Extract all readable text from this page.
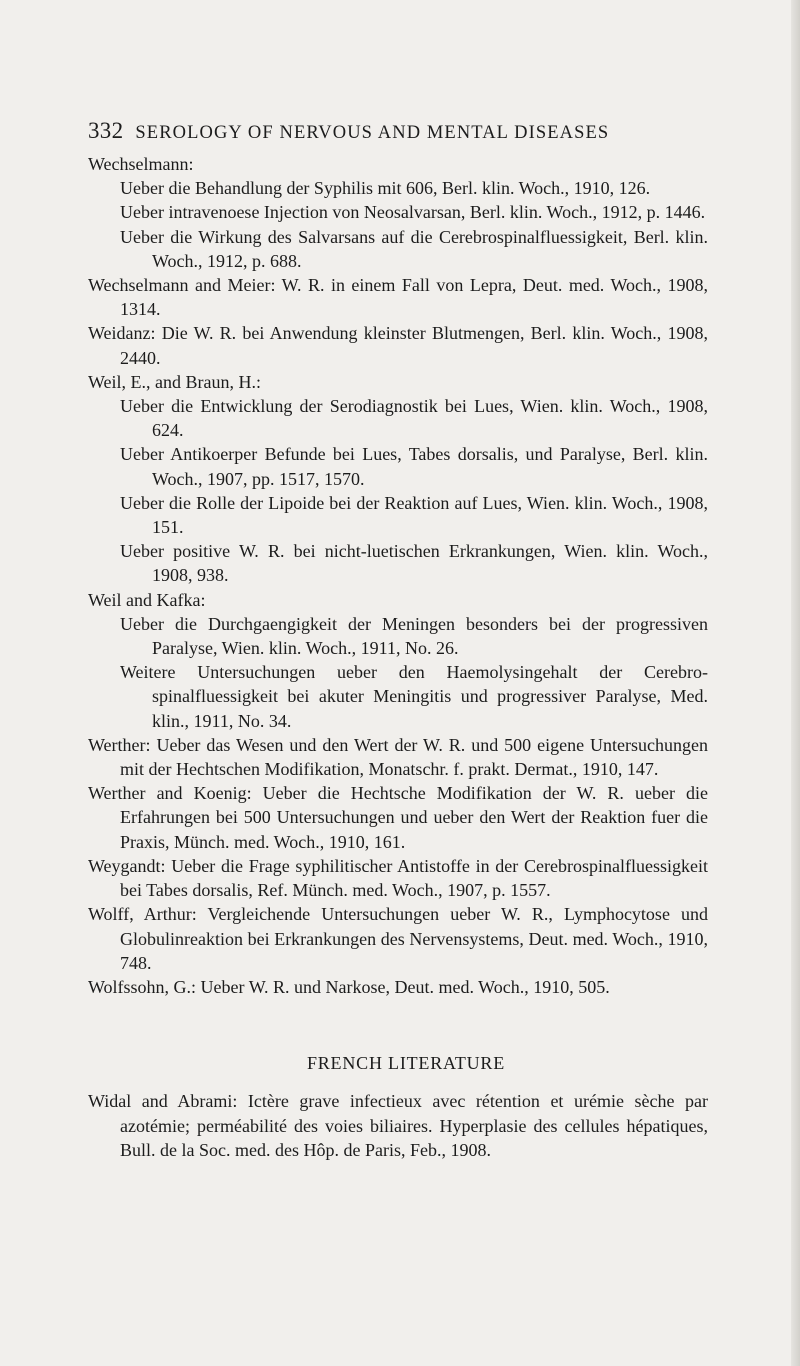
332 SEROLOGY OF NERVOUS AND MENTAL DISEASES

Wechselmann:

Ueber die Behandlung der Syphilis mit 606, Berl. klin. Woch., 1910, 126.

Ueber intravenoese Injection von Neosalvarsan, Berl. klin. Woch., 1912, p. 1446.

Ueber die Wirkung des Salvarsans auf die Cerebrospinalfluessigkeit, Berl. klin. Woch., 1912, p. 688.

Wechselmann and Meier: W. R. in einem Fall von Lepra, Deut. med. Woch., 1908, 1314.

Weidanz: Die W. R. bei Anwendung kleinster Blutmengen, Berl. klin. Woch., 1908, 2440.

Weil, E., and Braun, H.:

Ueber die Entwicklung der Serodiagnostik bei Lues, Wien. klin. Woch., 1908, 624.

Ueber Antikoerper Befunde bei Lues, Tabes dorsalis, und Paralyse, Berl. klin. Woch., 1907, pp. 1517, 1570.

Ueber die Rolle der Lipoide bei der Reaktion auf Lues, Wien. klin. Woch., 1908, 151.

Ueber positive W. R. bei nicht-luetischen Erkrankungen, Wien. klin. Woch., 1908, 938.

Weil and Kafka:

Ueber die Durchgaengigkeit der Meningen besonders bei der progressiven Paralyse, Wien. klin. Woch., 1911, No. 26.

Weitere Untersuchungen ueber den Haemolysingehalt der Cerebrospinalfluessigkeit bei akuter Meningitis und progressiver Paralyse, Med. klin., 1911, No. 34.

Werther: Ueber das Wesen und den Wert der W. R. und 500 eigene Untersuchungen mit der Hechtschen Modifikation, Monatschr. f. prakt. Dermat., 1910, 147.

Werther and Koenig: Ueber die Hechtsche Modifikation der W. R. ueber die Erfahrungen bei 500 Untersuchungen und ueber den Wert der Reaktion fuer die Praxis, Münch. med. Woch., 1910, 161.

Weygandt: Ueber die Frage syphilitischer Antistoffe in der Cerebrospinalfluessigkeit bei Tabes dorsalis, Ref. Münch. med. Woch., 1907, p. 1557.

Wolff, Arthur: Vergleichende Untersuchungen ueber W. R., Lymphocytose und Globulinreaktion bei Erkrankungen des Nervensystems, Deut. med. Woch., 1910, 748.

Wolfssohn, G.: Ueber W. R. und Narkose, Deut. med. Woch., 1910, 505.

FRENCH LITERATURE

Widal and Abrami: Ictère grave infectieux avec rétention et urémie sèche par azotémie; perméabilité des voies biliaires. Hyperplasie des cellules hépatiques, Bull. de la Soc. med. des Hôp. de Paris, Feb., 1908.
